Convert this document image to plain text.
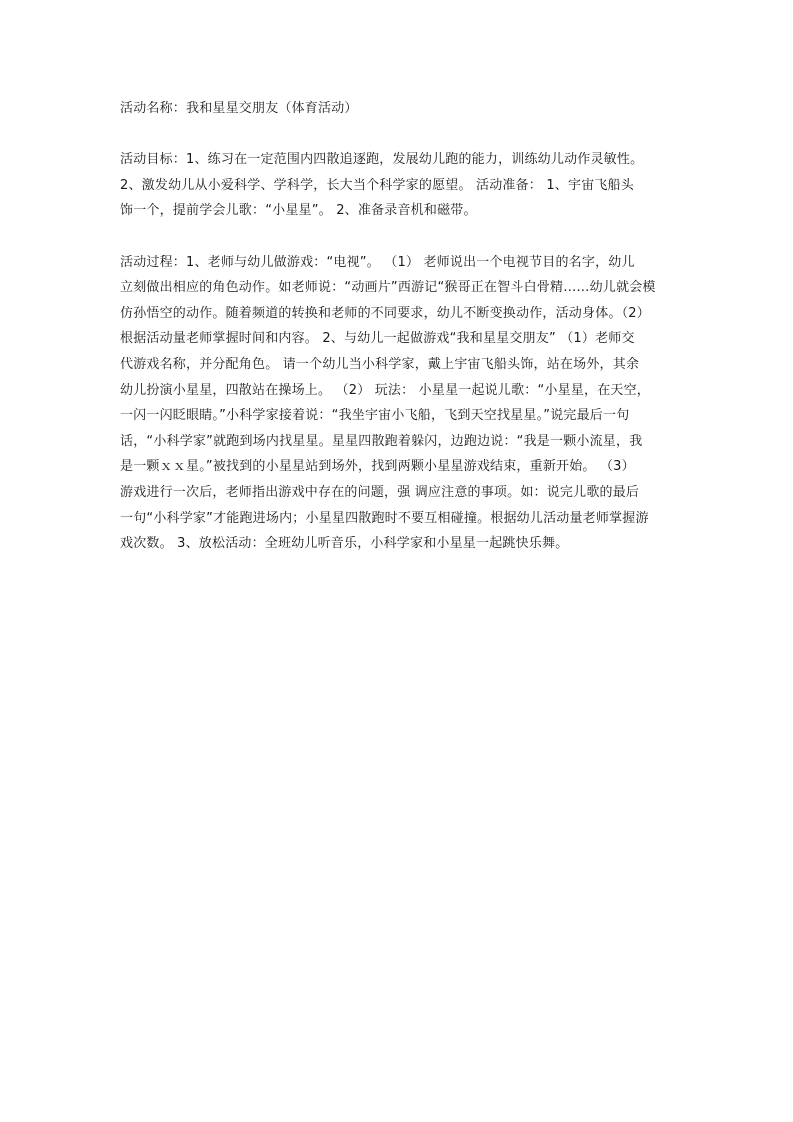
活动名称：我和星星交朋友（体育活动）
活动目标：1、练习在一定范围内四散追逐跑，发展幼儿跑的能力，训练幼儿动作灵敏性。
2、激发幼儿从小爱科学、学科学，长大当个科学家的愿望。 活动准备： 1、宇宙飞船头
饰一个，提前学会儿歌：“小星星”。 2、准备录音机和磁带。
活动过程：1、老师与幼儿做游戏：“电视”。 （1） 老师说出一个电视节目的名字，幼儿
立刻做出相应的角色动作。如老师说：“动画片”西游记“猴哥正在智斗白骨精……幼儿就会模
仿孙悟空的动作。随着频道的转换和老师的不同要求，幼儿不断变换动作，活动身体。（2）
根据活动量老师掌握时间和内容。 2、与幼儿一起做游戏“我和星星交朋友” （1）老师交
代游戏名称，并分配角色。 请一个幼儿当小科学家，戴上宇宙飞船头饰，站在场外，其余
幼儿扮演小星星，四散站在操场上。 （2） 玩法： 小星星一起说儿歌：“小星星，在天空，
一闪一闪眨眼睛。”小科学家接着说：“我坐宇宙小飞船，飞到天空找星星。”说完最后一句
话，“小科学家”就跑到场内找星星。星星四散跑着躲闪，边跑边说：“我是一颗小流星，我
是一颗ｘｘ星。”被找到的小星星站到场外，找到两颗小星星游戏结束，重新开始。 （3）
游戏进行一次后，老师指出游戏中存在的问题，强 调应注意的事项。如：说完儿歌的最后
一句“小科学家”才能跑进场内；小星星四散跑时不要互相碰撞。根据幼儿活动量老师掌握游
戏次数。 3、放松活动：全班幼儿听音乐，小科学家和小星星一起跳快乐舞。
